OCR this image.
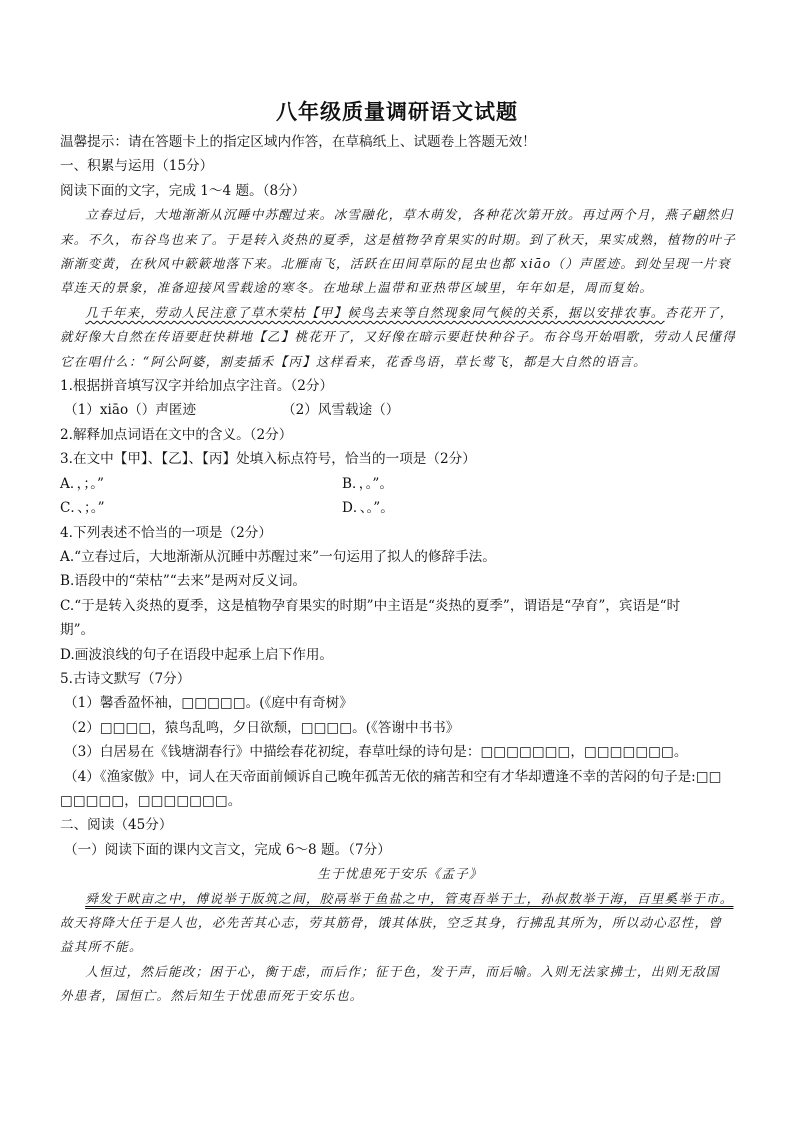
八年级质量调研语文试题
温馨提示：请在答题卡上的指定区域内作答，在草稿纸上、试题卷上答题无效！
一、积累与运用（15分）
阅读下面的文字，完成 1～4 题。（8分）
立春过后，大地渐渐从沉睡中苏醒过来。冰雪融化，草木萌发，各种花次第开放。再过两个月，燕子翩然归来。不久，布谷鸟也来了。于是转入炎热的夏季，这是植物孕育果实的时期。到了秋天，果实成熟，植物的叶子渐渐变黄，在秋风中簌簌地落下来。北雁南飞，活跃在田间草际的昆虫也都 xiāo（）声匿迹。到处呈现一片衰草连天的景象，准备迎接风雪载途的寒冬。在地球上温带和亚热带区域里，年年如是，周而复始。
几千年来，劳动人民注意了草木荣枯【甲】候鸟去来等自然现象同气候的关系，据以安排农事。杏花开了，就好像大自然在传语要赶快耕地【乙】桃花开了，又好像在暗示要赶快种谷子。布谷鸟开始唱歌，劳动人民懂得它在唱什么：“阿公阿婆，割麦插禾【丙】这样看来，花香鸟语，草长莺飞，都是大自然的语言。
1.根据拼音填写汉字并给加点字注音。（2分）
（1）xiāo（）声匿迹	（2）风雪载途（）
2.解释加点词语在文中的含义。（2分）
3.在文中【甲】、【乙】、【丙】处填入标点符号，恰当的一项是（2分）
A．，；。”	B．，。”。
C．、；。”	D．、。”。
4.下列表述不恰当的一项是（2分）
A.“立春过后，大地渐渐从沉睡中苏醒过来”一句运用了拟人的修辞手法。
B.语段中的“荣枯”“去来”是两对反义词。
C.“于是转入炎热的夏季，这是植物孕育果实的时期”中主语是“炎热的夏季”，谓语是“孕育”，宾语是“时
期”。
D.画波浪线的句子在语段中起承上启下作用。
5.古诗文默写（7分）
（1）馨香盈怀袖，□□□□□。(《庭中有奇树》
（2）□□□□，猿鸟乱鸣，夕日欲颓，□□□□。(《答谢中书书》
（3）白居易在《钱塘湖春行》中描绘春花初绽，春草吐绿的诗句是：□□□□□□□，□□□□□□□。
（4）《渔家傲》中，词人在天帝面前倾诉自己晚年孤苦无依的痛苦和空有才华却遭逢不幸的苦闷的句子是:□□
□□□□□，□□□□□□□。
二、阅读（45分）
（一）阅读下面的课内文言文，完成 6～8 题。（7分）
生于忧患死于安乐《孟子》
舜发于畎亩之中，傅说举于版筑之间，胶鬲举于鱼盐之中，管夷吾举于士，孙叔敖举于海，百里奚举于市。
故天将降大任于是人也，必先苦其心志，劳其筋骨，饿其体肤，空乏其身，行拂乱其所为，所以动心忍性，曾
益其所不能。
人恒过，然后能改；困于心，衡于虑，而后作；征于色，发于声，而后喻。入则无法家拂士，出则无敌国
外患者，国恒亡。然后知生于忧患而死于安乐也。
